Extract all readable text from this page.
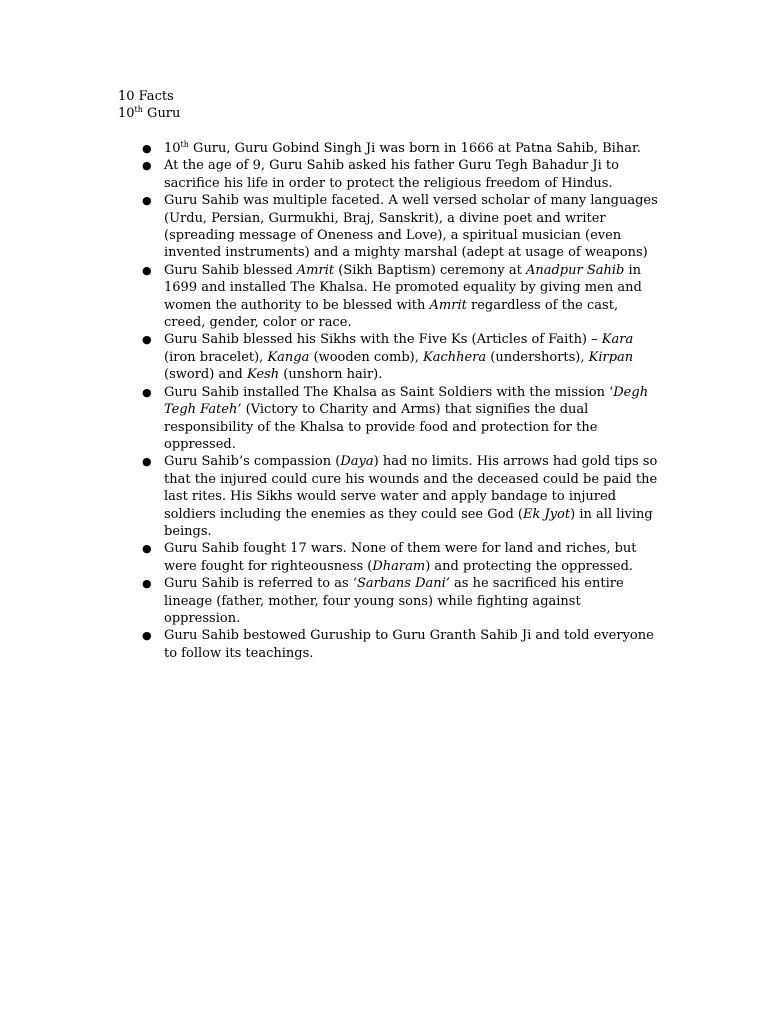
10 Facts
10th Guru
● 10th Guru, Guru Gobind Singh Ji was born in 1666 at Patna Sahib, Bihar.
● At the age of 9, Guru Sahib asked his father Guru Tegh Bahadur Ji to
sacrifice his life in order to protect the religious freedom of Hindus.
● Guru Sahib was multiple faceted. A well versed scholar of many languages
(Urdu, Persian, Gurmukhi, Braj, Sanskrit), a divine poet and writer
(spreading message of Oneness and Love), a spiritual musician (even
invented instruments) and a mighty marshal (adept at usage of weapons)
● Guru Sahib blessed Amrit (Sikh Baptism) ceremony at Anadpur Sahib in
1699 and installed The Khalsa. He promoted equality by giving men and
women the authority to be blessed with Amrit regardless of the cast,
creed, gender, color or race.
● Guru Sahib blessed his Sikhs with the Five Ks (Articles of Faith) – Kara
(iron bracelet), Kanga (wooden comb), Kachhera (undershorts), Kirpan
(sword) and Kesh (unshorn hair).
● Guru Sahib installed The Khalsa as Saint Soldiers with the mission ‘Degh
Tegh Fateh’ (Victory to Charity and Arms) that signifies the dual
responsibility of the Khalsa to provide food and protection for the
oppressed.
● Guru Sahib’s compassion (Daya) had no limits. His arrows had gold tips so
that the injured could cure his wounds and the deceased could be paid the
last rites. His Sikhs would serve water and apply bandage to injured
soldiers including the enemies as they could see God (Ek Jyot) in all living
beings.
● Guru Sahib fought 17 wars. None of them were for land and riches, but
were fought for righteousness (Dharam) and protecting the oppressed.
● Guru Sahib is referred to as ‘Sarbans Dani’ as he sacrificed his entire
lineage (father, mother, four young sons) while fighting against
oppression.
● Guru Sahib bestowed Guruship to Guru Granth Sahib Ji and told everyone
to follow its teachings.
